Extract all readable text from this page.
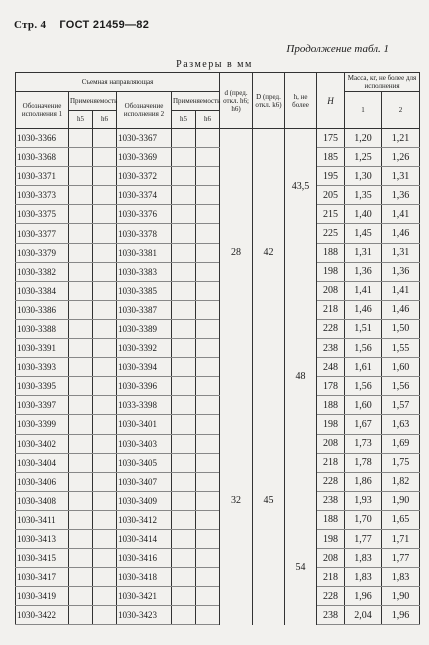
Стр. 4 ГОСТ 21459—82
Продолжение табл. 1
Размеры в мм
Съемная направляющая						d (пред. откл. h6; h6)	D (пред. откл. k6)	h, не более	H	Масса, кг, не более для исполнения	
Обозначение исполнения 1	Применяемость		Обозначение исполнения 2	Применяемость						1	2
	h5	h6		h5	h6						
1030-3366			1030-3367			28	42	43,5	175	1,20	1,21
1030-3368			1030-3369						185	1,25	1,26
1030-3371			1030-3372						195	1,30	1,31
1030-3373			1030-3374						205	1,35	1,36
1030-3375			1030-3376						215	1,40	1,41
1030-3377			1030-3378						225	1,45	1,46
1030-3379			1030-3381					48	188	1,31	1,31
1030-3382			1030-3383						198	1,36	1,36
1030-3384			1030-3385						208	1,41	1,41
1030-3386			1030-3387						218	1,46	1,46
1030-3388			1030-3389						228	1,51	1,50
1030-3391			1030-3392						238	1,56	1,55
1030-3393			1030-3394						248	1,61	1,60
1030-3395			1030-3396			32	45		178	1,56	1,56
1030-3397			1033-3398						188	1,60	1,57
1030-3399			1030-3401						198	1,67	1,63
1030-3402			1030-3403						208	1,73	1,69
1030-3404			1030-3405						218	1,78	1,75
1030-3406			1030-3407						228	1,86	1,82
1030-3408			1030-3409						238	1,93	1,90
1030-3411			1030-3412					54	188	1,70	1,65
1030-3413			1030-3414						198	1,77	1,71
1030-3415			1030-3416						208	1,83	1,77
1030-3417			1030-3418						218	1,83	1,83
1030-3419			1030-3421						228	1,96	1,90
1030-3422			1030-3423						238	2,04	1,96
